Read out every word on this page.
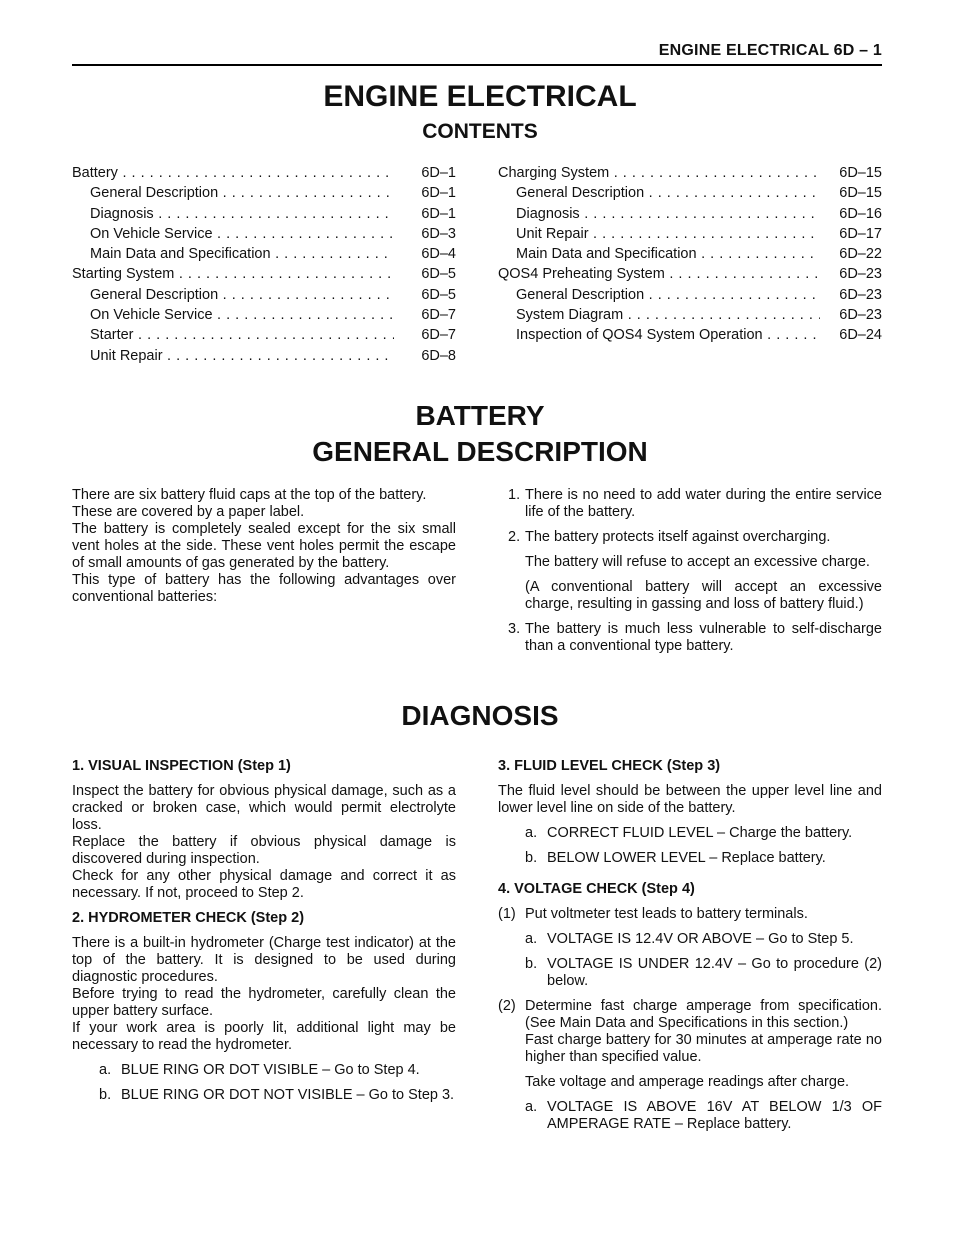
ENGINE ELECTRICAL 6D – 1
ENGINE ELECTRICAL
CONTENTS
Battery . . .	6D–1
General Description . . .	6D–1
Diagnosis . . .	6D–1
On Vehicle Service . . .	6D–3
Main Data and Specification . . .	6D–4
Starting System . . .	6D–5
General Description . . .	6D–5
On Vehicle Service . . .	6D–7
Starter . . .	6D–7
Unit Repair . . .	6D–8
Charging System . . .	6D–15
General Description . . .	6D–15
Diagnosis . . .	6D–16
Unit Repair . . .	6D–17
Main Data and Specification . . .	6D–22
QOS4 Preheating System . . .	6D–23
General Description . . .	6D–23
System Diagram . . .	6D–23
Inspection of QOS4 System Operation . . .	6D–24
BATTERY
GENERAL DESCRIPTION

There are six battery fluid caps at the top of the battery.

These are covered by a paper label.

The battery is completely sealed except for the six small vent holes at the side. These vent holes permit the escape of small amounts of gas generated by the battery.

This type of battery has the following advantages over conventional batteries:

1. There is no need to add water during the entire service life of the battery.
2. The battery protects itself against overcharging.

The battery will refuse to accept an excessive charge.

(A conventional battery will accept an excessive charge, resulting in gassing and loss of battery fluid.)

3. The battery is much less vulnerable to self-discharge than a conventional type battery.
DIAGNOSIS

1. VISUAL INSPECTION (Step 1)

Inspect the battery for obvious physical damage, such as a cracked or broken case, which would permit electrolyte loss.

Replace the battery if obvious physical damage is discovered during inspection.

Check for any other physical damage and correct it as necessary. If not, proceed to Step 2.

2. HYDROMETER CHECK (Step 2)

There is a built-in hydrometer (Charge test indicator) at the top of the battery. It is designed to be used during diagnostic procedures.

Before trying to read the hydrometer, carefully clean the upper battery surface.

If your work area is poorly lit, additional light may be necessary to read the hydrometer.

a. BLUE RING OR DOT VISIBLE – Go to Step 4.
b. BLUE RING OR DOT NOT VISIBLE – Go to Step 3.

3. FLUID LEVEL CHECK (Step 3)

The fluid level should be between the upper level line and lower level line on side of the battery.

a. CORRECT FLUID LEVEL – Charge the battery.
b. BELOW LOWER LEVEL – Replace battery.

4. VOLTAGE CHECK (Step 4)

(1) Put voltmeter test leads to battery terminals.
a. VOLTAGE IS 12.4V OR ABOVE – Go to Step 5.
b. VOLTAGE IS UNDER 12.4V – Go to procedure (2) below.
(2) Determine fast charge amperage from specification. (See Main Data and Specifications in this section.)

Fast charge battery for 30 minutes at amperage rate no higher than specified value.

Take voltage and amperage readings after charge.

a. VOLTAGE IS ABOVE 16V AT BELOW 1/3 OF AMPERAGE RATE – Replace battery.
